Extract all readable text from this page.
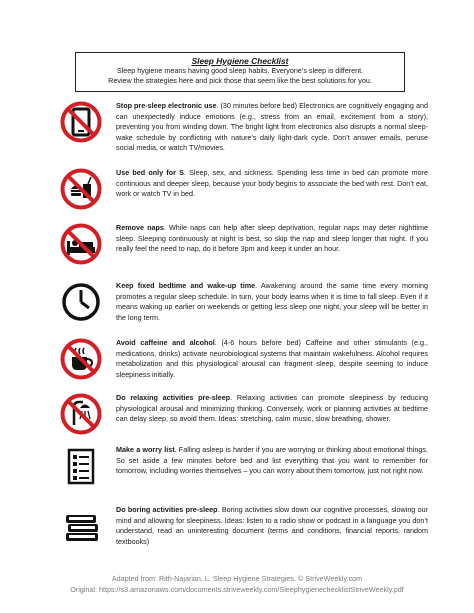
Sleep Hygiene Checklist
Sleep hygiene means having good sleep habits. Everyone’s sleep is different.
Review the strategies here and pick those that seem like the best solutions for you.
Stop pre-sleep electronic use. (30 minutes before bed) Electronics are cognitively engaging and can unexpectedly induce emotions (e.g., stress from an email, excitement from a story), preventing you from winding down. The bright light from electronics also disrupts a normal sleep-wake schedule by conflicting with nature’s daily light-dark cycle. Don’t answer emails, peruse social media, or watch TV/movies.
Use bed only for S. Sleep, sex, and sickness. Spending less time in bed can promote more continuous and deeper sleep, because your body begins to associate the bed with rest. Don’t eat, work or watch TV in bed.
Remove naps. While naps can help after sleep deprivation, regular naps may deter nighttime sleep. Sleeping continuously at night is best, so skip the nap and sleep longer that night. If you really feel the need to nap, do it before 3pm and keep it under an hour.
Keep fixed bedtime and wake-up time. Awakening around the same time every morning promotes a regular sleep schedule. In turn, your body learns when it is time to fall sleep. Even if it means waking up earlier on weekends or getting less sleep one night, your sleep will be better in the long term.
Avoid caffeine and alcohol. (4-6 hours before bed) Caffeine and other stimulants (e.g., medications, drinks) activate neurobiological systems that maintain wakefulness. Alcohol requires metabolization and this physiological arousal can fragment sleep, despite seeming to induce sleepiness initially.
Do relaxing activities pre-sleep. Relaxing activities can promote sleepiness by reducing physiological arousal and minimizing thinking. Conversely, work or planning activities at bedtime can delay sleep, so avoid them. Ideas: stretching, calm music, slow breathing, shower.
Make a worry list. Falling asleep is harder if you are worrying or thinking about emotional things. So set aside a few minutes before bed and list everything that you want to remember for tomorrow, including worries themselves – you can worry about them tomorrow, just not right now.
Do boring activities pre-sleep. Boring activities slow down our cognitive processes, slowing our mind and allowing for sleepiness. Ideas: listen to a radio show or podcast in a language you don’t understand, read an uninteresting document (terms and conditions, financial reports, random textbooks)
Adapted from: Rith-Najarian, L. Sleep Hygiene Strategies. © StriveWeekly.com
Original: https://s3.amazonaws.com/documents.striveweekly.com/SleephygienechecklistStriveWeekly.pdf
